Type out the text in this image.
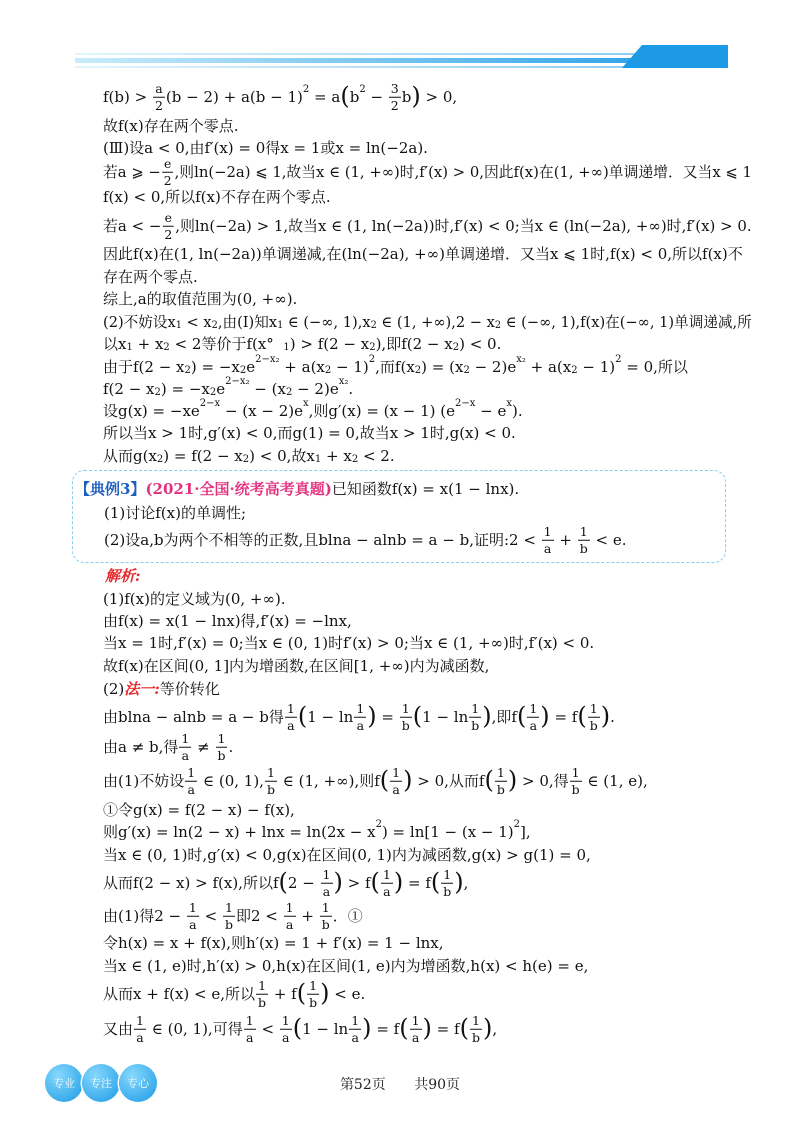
$f(b) > \frac{a}{2} (b - 2) + a(b - 1) 2 = a$ ( b $2 - \frac{3}{2}$ b ) > 0,
故f(x)存在两个零点.
(Ⅲ)设a < 0,由f′(x) = 0得x = 1或x = ln(−2a).
若a ⩾ − $\frac{e}{2}$ ,则ln(−2a) ⩽ 1,故当x ∈ (1, +∞)时,f′(x) > 0,因此f(x)在(1, +∞)单调递增．又当x ⩽ 1
f(x) < 0,所以f(x)不存在两个零点.
若a < − $\frac{e}{2}$ ,则ln(−2a) > 1,故当x ∈ (1, ln(−2a))时,f′(x) < 0;当x ∈ (ln(−2a), +∞)时,f′(x) > 0.
因此f(x)在(1, ln(−2a))单调递减,在(ln(−2a), +∞)单调递增．又当x ⩽ 1时,f(x) < 0,所以f(x)不
存在两个零点.
综上,a的取值范围为(0, +∞).
(2)不妨设x 1 < x 2 ,由(Ⅰ)知x 1 ∈ (−∞, 1),x 2 ∈ (1, +∞),2 − x 2 ∈ (−∞, 1),f(x)在(−∞, 1)单调递减,所
以x 1 + x 2 < 2等价于f(x° 1 ) > f(2 − x 2 ),即f(2 − x 2 ) < 0.
由于f(2 − x 2 ) = −x 2 e 2−x₂ + a(x 2 − 1) 2 ,而f(x 2 ) = (x 2 − 2)e x₂ + a(x 2 − 1) 2 = 0,所以
f(2 − x 2 ) = −x 2 e 2−x₂ − (x 2 − 2)e x₂ .
设g(x) = −xe 2−x − (x − 2)e x ,则g′(x) = (x − 1) (e 2−x − e x ).
所以当x > 1时,g′(x) < 0,而g(1) = 0,故当x > 1时,g(x) < 0.
从而g(x 2 ) = f(2 − x 2 ) < 0,故x 1 + x 2 < 2.
【典例3】 (2021·全国·统考高考真题) 已知函数f(x) = x(1 − lnx).
(1)讨论f(x)的单调性;
(2)设a,b为两个不相等的正数,且blna − alnb = a − b,证明:2 < $\frac{1}{a} + \frac{1}{b} < e$.
解析:
(1)f(x)的定义域为(0, +∞).
由f(x) = x(1 − lnx)得,f′(x) = −lnx,
当x = 1时,f′(x) = 0;当x ∈ (0, 1)时f′(x) > 0;当x ∈ (1, +∞)时,f′(x) < 0.
故f(x)在区间(0, 1]内为增函数,在区间[1, +∞)内为减函数,
(2) 法一: 等价转化
由blna − alnb = a − b得 $\frac{1}{a}$ ( $1 - \ln \frac{1}{a}$ ) = $\frac{1}{b}$ ( $1 - \ln \frac{1}{b}$ ) ,即f ( $\frac{1}{a}$ ) = f ( $\frac{1}{b}$ ) .
由a ≠ b,得 $\frac{1}{a} \ne \frac{1}{b}$ .
由(1)不妨设 $\frac{1}{a}$ ∈ (0, 1), $\frac{1}{b}$ ∈ (1, +∞),则f ( $\frac{1}{a}$ ) > 0,从而f ( $\frac{1}{b}$ ) > 0,得 $\frac{1}{b}$ ∈ (1, e),
①令g(x) = f(2 − x) − f(x),
则g′(x) = ln(2 − x) + lnx = ln(2x − x 2 ) = ln[1 − (x − 1) 2 ],
当x ∈ (0, 1)时,g′(x) < 0,g(x)在区间(0, 1)内为减函数,g(x) > g(1) = 0,
从而f(2 − x) > f(x),所以f ( $2 - \frac{1}{a}$ ) > f ( $\frac{1}{a}$ ) = f ( $\frac{1}{b}$ ) ,
由(1)得$2 - \frac{1}{a} < \frac{1}{b}$ 即$2 < \frac{1}{a} + \frac{1}{b}$ ．①
令h(x) = x + f(x),则h′(x) = 1 + f′(x) = 1 − lnx,
当x ∈ (1, e)时,h′(x) > 0,h(x)在区间(1, e)内为增函数,h(x) < h(e) = e,
从而x + f(x) < e,所以 $\frac{1}{b} + f$ ( $\frac{1}{b}$ ) < e.
又由 $\frac{1}{a}$ ∈ (0, 1),可得 $\frac{1}{a} < \frac{1}{a}$ ( $1 - \ln \frac{1}{a}$ ) = f ( $\frac{1}{a}$ ) = f ( $\frac{1}{b}$ ) ,
专业	专注	专心	第52页 共90页
